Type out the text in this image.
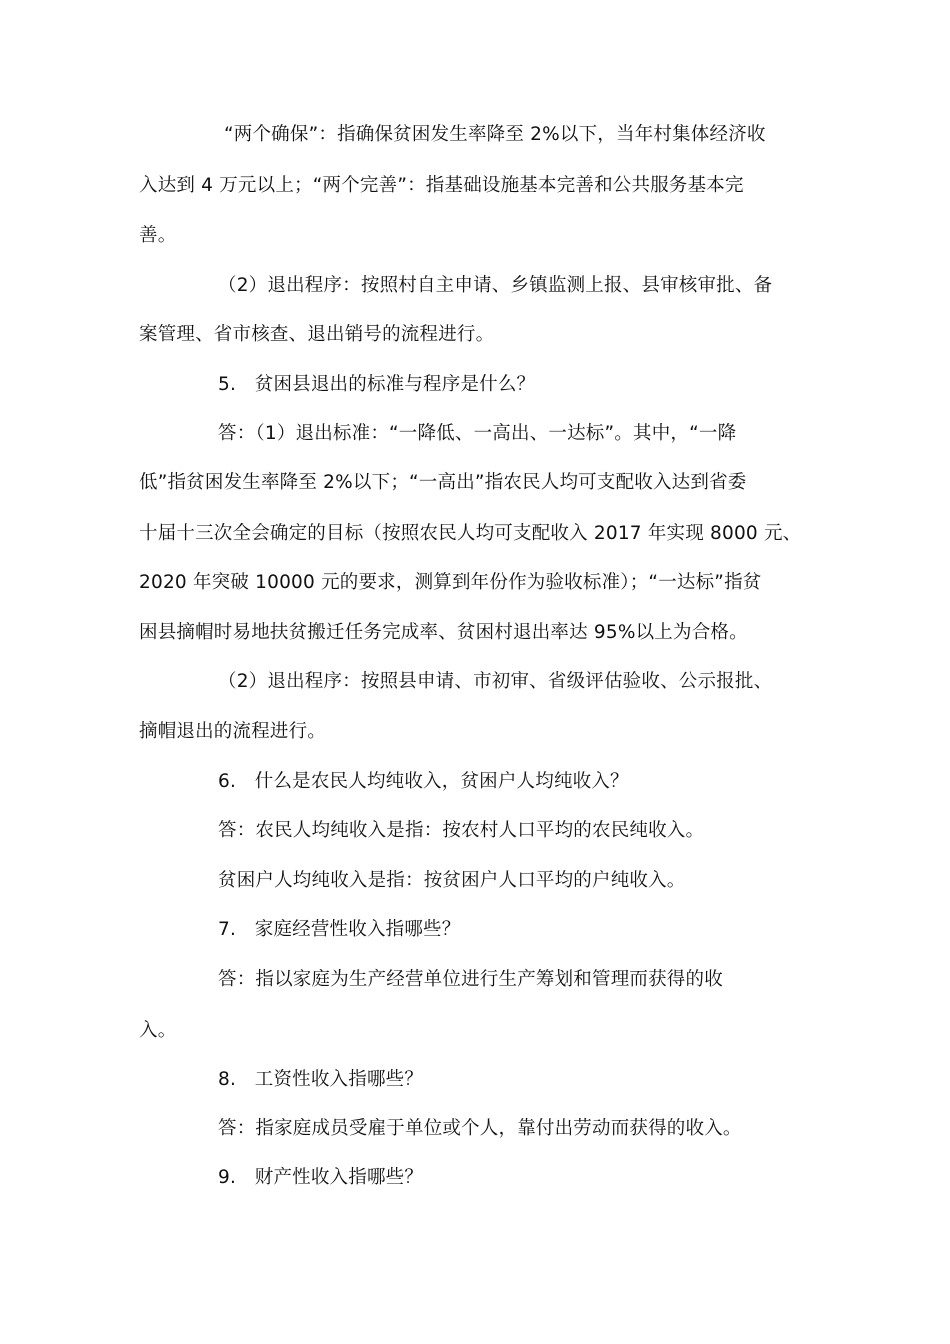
“两个确保”：指确保贫困发生率降至 2%以下，当年村集体经济收
入达到 4 万元以上；“两个完善”：指基础设施基本完善和公共服务基本完
善。
（2）退出程序：按照村自主申请、乡镇监测上报、县审核审批、备
案管理、省市核查、退出销号的流程进行。
5.　贫困县退出的标准与程序是什么？
答：（1）退出标准：“一降低、一高出、一达标”。其中，“一降
低”指贫困发生率降至 2%以下；“一高出”指农民人均可支配收入达到省委
十届十三次全会确定的目标（按照农民人均可支配收入 2017 年实现 8000 元、
2020 年突破 10000 元的要求，测算到年份作为验收标准）；“一达标”指贫
困县摘帽时易地扶贫搬迁任务完成率、贫困村退出率达 95%以上为合格。
（2）退出程序：按照县申请、市初审、省级评估验收、公示报批、
摘帽退出的流程进行。
6.　什么是农民人均纯收入，贫困户人均纯收入？
答：农民人均纯收入是指：按农村人口平均的农民纯收入。
贫困户人均纯收入是指：按贫困户人口平均的户纯收入。
7.　家庭经营性收入指哪些？
答：指以家庭为生产经营单位进行生产筹划和管理而获得的收
入。
8.　工资性收入指哪些？
答：指家庭成员受雇于单位或个人，靠付出劳动而获得的收入。
9.　财产性收入指哪些？
